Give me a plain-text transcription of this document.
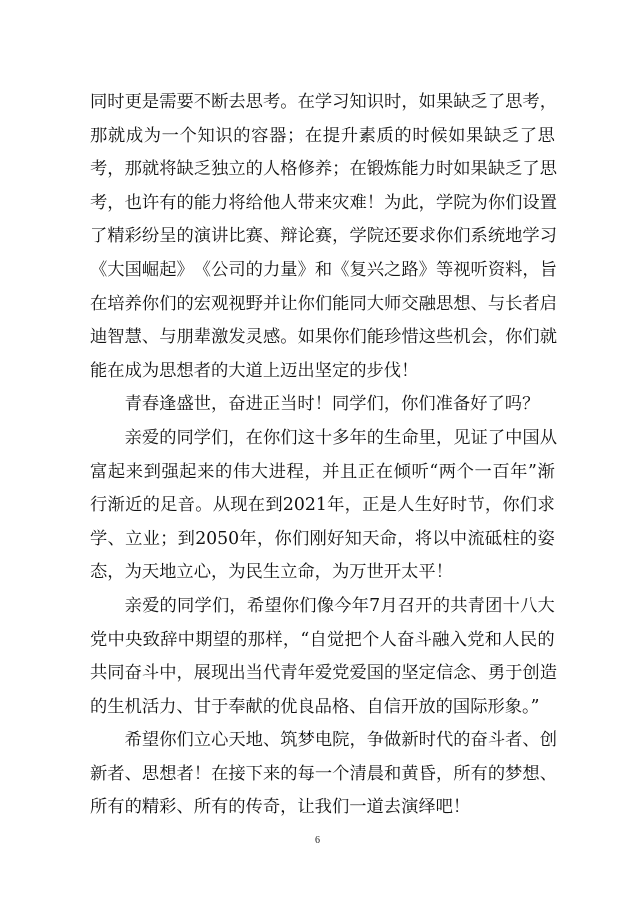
同 时 更 是 需 要 不 断 去 思 考 。 在 学 习 知 识 时 ， 如 果 缺 乏 了 思 考 ，
那 就 成 为 一 个 知 识 的 容 器 ； 在 提 升 素 质 的 时 候 如 果 缺 乏 了 思
考 ， 那 就 将 缺 乏 独 立 的 人 格 修 养 ； 在 锻 炼 能 力 时 如 果 缺 乏 了 思
考 ， 也 许 有 的 能 力 将 给 他 人 带 来 灾 难 ！ 为 此 ， 学 院 为 你 们 设 置
了 精 彩 纷 呈 的 演 讲 比 赛 、 辩 论 赛 ， 学 院 还 要 求 你 们 系 统 地 学 习
《 大 国 崛 起 》 《 公 司 的 力 量 》 和 《 复 兴 之 路 》 等 视 听 资 料 ， 旨
在 培 养 你 们 的 宏 观 视 野 并 让 你 们 能 同 大 师 交 融 思 想 、 与 长 者 启
迪 智 慧 、 与 朋 辈 激 发 灵 感 。 如 果 你 们 能 珍 惜 这 些 机 会 ， 你 们 就
能在成为思想者的大道上迈出坚定的步伐！
青春逢盛世，奋进正当时！同学们，你们准备好了吗？
亲 爱 的 同 学 们 ， 在 你 们 这 十 多 年 的 生 命 里 ， 见 证 了 中 国 从
富 起 来 到 强 起 来 的 伟 大 进 程 ， 并 且 正 在 倾 听 “ 两 个 一 百 年 ” 渐
行 渐 近 的 足 音 。 从 现 在 到 2021 年 ， 正 是 人 生 好 时 节 ， 你 们 求
学 、 立 业 ； 到 2050 年 ， 你 们 刚 好 知 天 命 ， 将 以 中 流 砥 柱 的 姿
态，为天地立心，为民生立命，为万世开太平！
亲 爱 的 同 学 们 ， 希 望 你 们 像 今 年 7 月 召 开 的 共 青 团 十 八 大
党 中 央 致 辞 中 期 望 的 那 样 ， “ 自 觉 把 个 人 奋 斗 融 入 党 和 人 民 的
共 同 奋 斗 中 ， 展 现 出 当 代 青 年 爱 党 爱 国 的 坚 定 信 念 、 勇 于 创 造
的生机活力、甘于奉献的优良品格、自信开放的国际形象。”
希 望 你 们 立 心 天 地 、 筑 梦 电 院 ， 争 做 新 时 代 的 奋 斗 者 、 创
新 者 、 思 想 者 ！ 在 接 下 来 的 每 一 个 清 晨 和 黄 昏 ， 所 有 的 梦 想 、
所有的精彩、所有的传奇，让我们一道去演绎吧！
6
